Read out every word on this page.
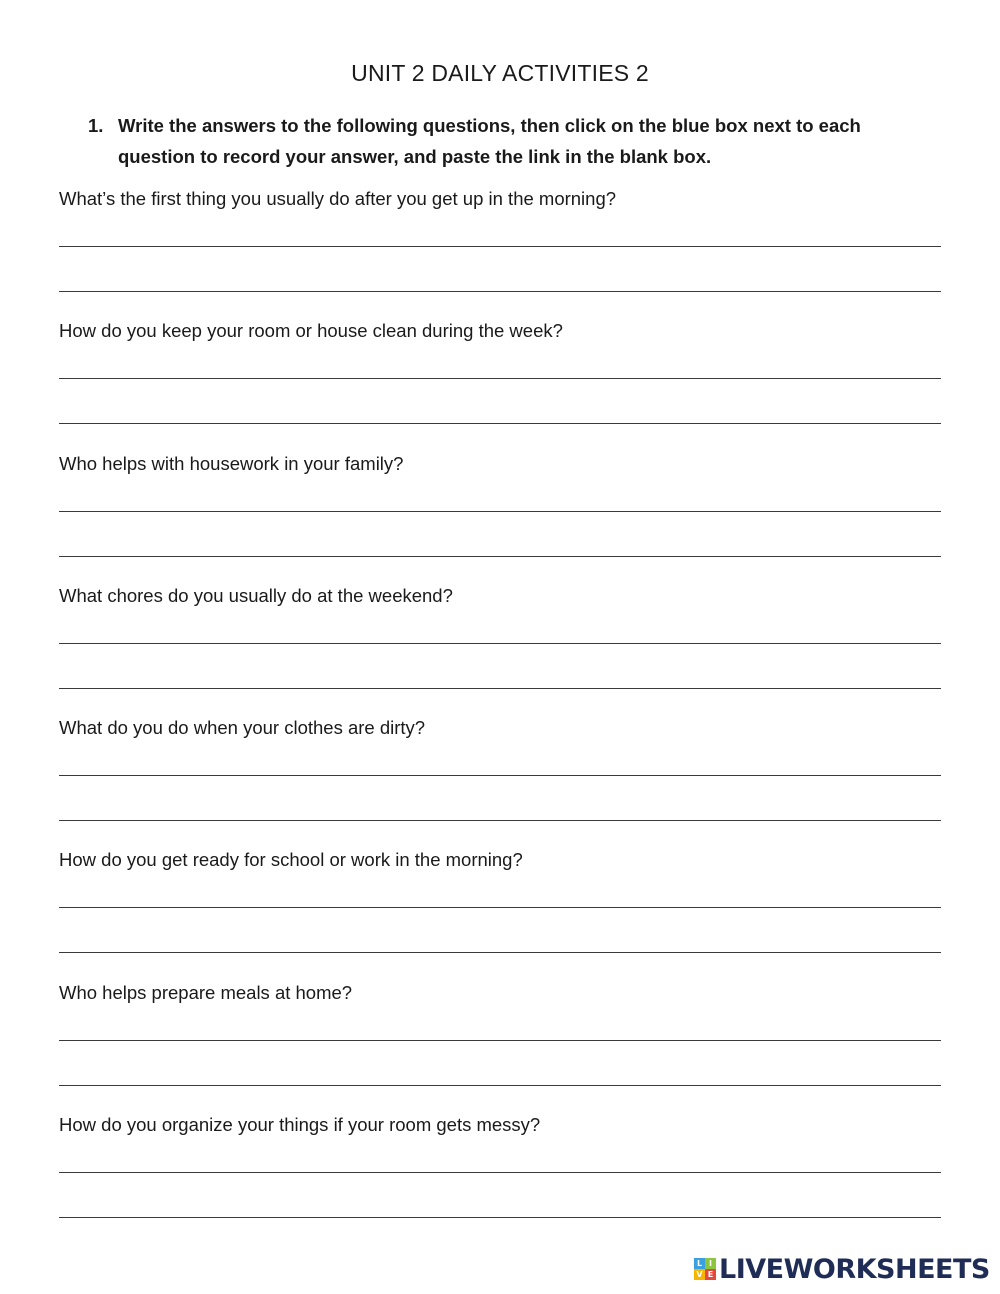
UNIT 2 DAILY ACTIVITIES 2
1. Write the answers to the following questions, then click on the blue box next to each question to record your answer, and paste the link in the blank box.
What’s the first thing you usually do after you get up in the morning?
How do you keep your room or house clean during the week?
Who helps with housework in your family?
What chores do you usually do at the weekend?
What do you do when your clothes are dirty?
How do you get ready for school or work in the morning?
Who helps prepare meals at home?
How do you organize your things if your room gets messy?
L I
V E LIVEWORKSHEETS
